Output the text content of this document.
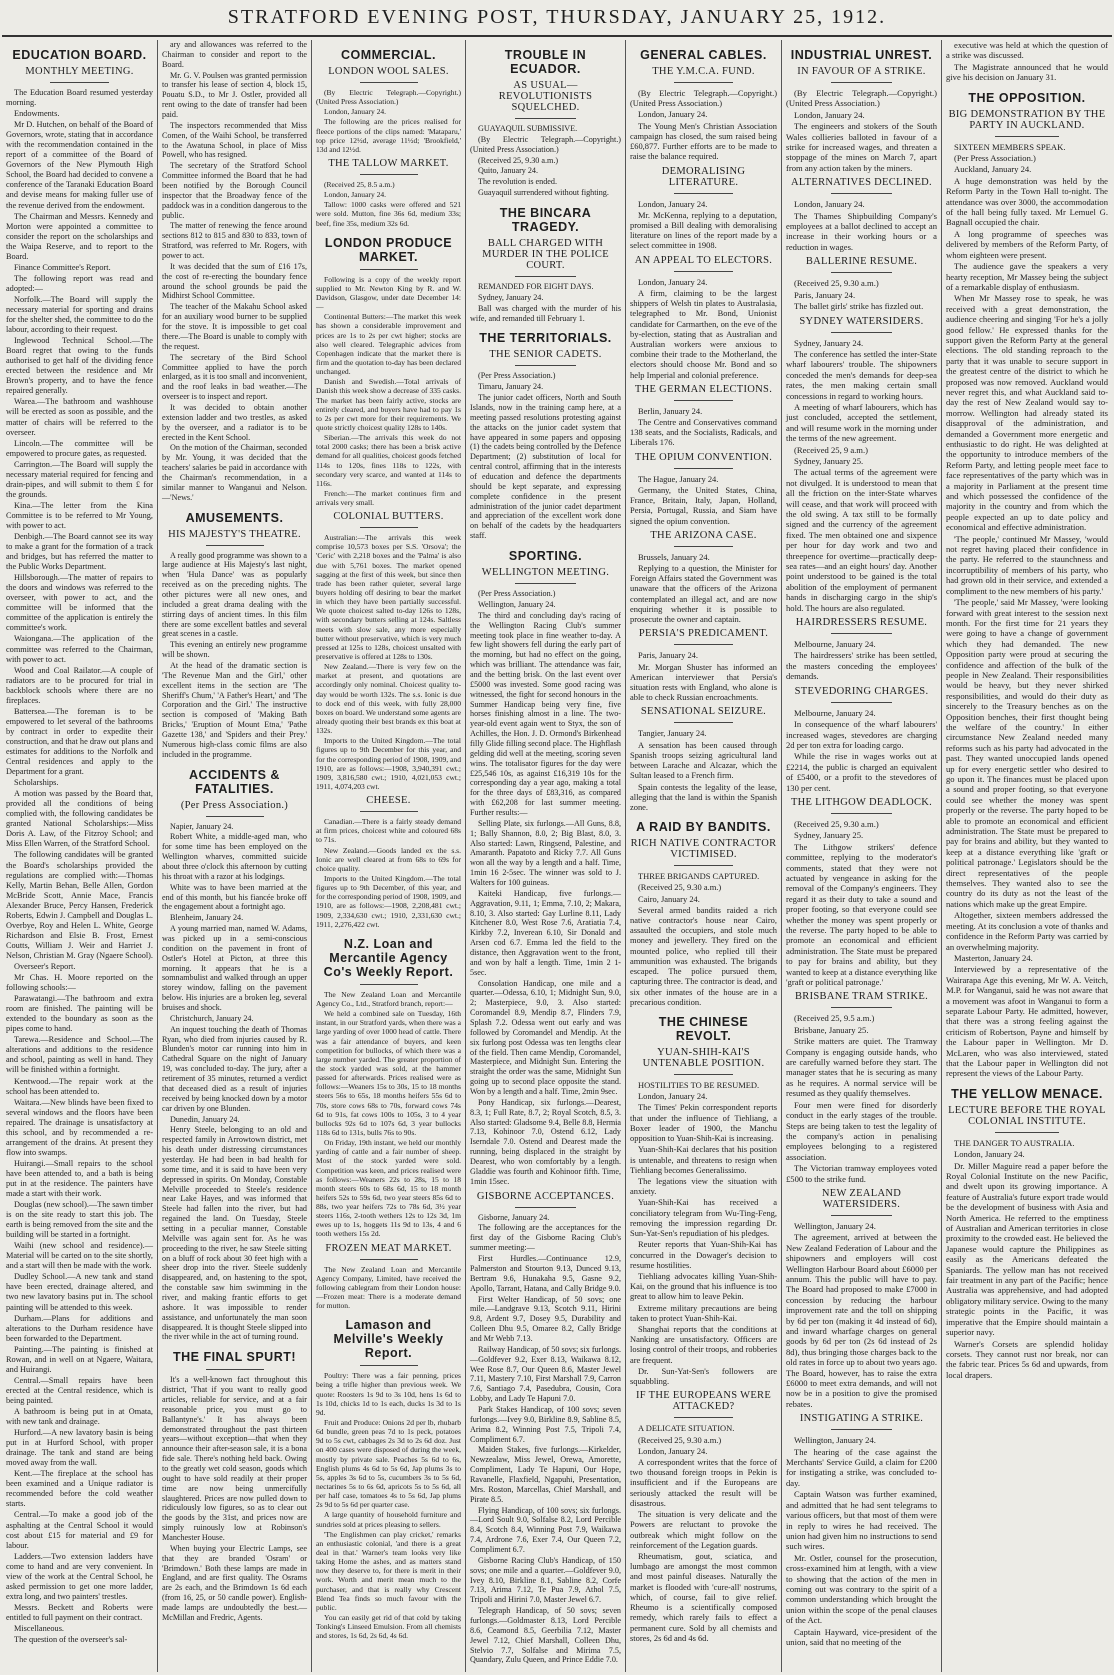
STRATFORD EVENING POST, THURSDAY, JANUARY 25, 1912.
EDUCATION BOARD.
MONTHLY MEETING.

The Education Board resumed yesterday morning.

Endowments.

Mr D. Hutchen, on behalf of the Board of Governors, wrote, stating that in accordance with the recommendation contained in the report of a committee of the Board of Governors of the New Plymouth High School, the Board had decided to convene a conference of the Taranaki Education Board and devise means for making fuller use of the revenue derived from the endowment.

The Chairman and Messrs. Kennedy and Morton were appointed a committee to consider the report on the scholarships and the Waipa Reserve, and to report to the Board.

Finance Committee's Report.

The following report was read and adopted:—

Norfolk.—The Board will supply the necessary material for sporting and drains for the shelter shed, the committee to do the labour, according to their request.

Inglewood Technical School.—The Board regret that owing to the funds authorised to get half of the dividing fence erected between the residence and Mr Brown's property, and to have the fence repaired generally.

Warea.—The bathroom and washhouse will be erected as soon as possible, and the matter of chairs will be referred to the overseer.

Lincoln.—The committee will be empowered to procure gates, as requested.

Carrington.—The Board will supply the necessary material required for fencing and drain-pipes, and will submit to them £ for the grounds.

Kina.—The letter from the Kina Committee is to be referred to Mr Young, with power to act.

Denbigh.—The Board cannot see its way to make a grant for the formation of a track and bridges, but has referred the matter to the Public Works Department.

Hillsborough.—The matter of repairs to the doors and windows was referred to the overseer, with power to act, and the committee will be informed that the committee of the application is entirely the committee's work.

Waiongana.—The application of the committee was referred to the Chairman, with power to act.

Wood and Coal Railator.—A couple of radiators are to be procured for trial in backblock schools where there are no fireplaces.

Battersea.—The foreman is to be empowered to let several of the bathrooms by contract in order to expedite their construction, and that he draw out plans and estimates for additions to the Norfolk and Central residences and apply to the Department for a grant.

Scholarships.

A motion was passed by the Board that, provided all the conditions of being complied with, the following candidates be granted National Scholarships:—Miss Doris A. Law, of the Fitzroy School; and Miss Ellen Warren, of the Stratford School.

The following candidates will be granted the Board's scholarships provided the regulations are complied with:—Thomas Kelly, Martin Behan, Belle Allen, Gordon McBride Scott, Annie Mace, Francis Alexander Bruce, Percy Hansen, Frederick Roberts, Edwin J. Campbell and Douglas L. Overbye, Roy and Helen L. White, George Richardson and Elsie B. Frost, Ernest Coutts, William J. Weir and Harriet J. Nelson, Christian M. Gray (Ngaere School).

Overseer's Report.

Mr Chas. H. Moore reported on the following schools:—

Parawatangi.—The bathroom and extra room are finished. The painting will be extended to the boundary as soon as the pipes come to hand.

Tarewa.—Residence and School.—The alterations and additions to the residence and school, painting as well in hand. They will be finished within a fortnight.

Kentwood.—The repair work at the school has been attended to.

Waitara.—New blinds have been fixed to several windows and the floors have been repaired. The drainage is unsatisfactory at this school, and by recommended a re-arrangement of the drains. At present they flow into swamps.

Huirangi.—Small repairs to the school have been attended to, and a bath is being put in at the residence. The painters have made a start with their work.

Douglas (new school).—The sawn timber is on the site ready to start this job. The earth is being removed from the site and the building will be started in a fortnight.

Waihi (new school and residence).—Material will be carted on to the site shortly, and a start will then be made with the work.

Dudley School.—A new tank and stand have been erected, drainage altered, and two new lavatory basins put in. The school painting will be attended to this week.

Durham.—Plans for additions and alterations to the Durham residence have been forwarded to the Department.

Painting.—The painting is finished at Rowan, and in well on at Ngaere, Waitara, and Huirangi.

Central.—Small repairs have been erected at the Central residence, which is being painted.

A bathroom is being put in at Omata, with new tank and drainage.

Hurford.—A new lavatory basin is being put in at Hurford School, with proper drainage. The tank and stand are being moved away from the wall.

Kent.—The fireplace at the school has been examined and a Unique radiator is recommended before the cold weather starts.

Central.—To make a good job of the asphalting at the Central School it would cost about £15 for material and £9 for labour.

Ladders.—Two extension ladders have come to hand and are very convenient. In view of the work at the Central School, he asked permission to get one more ladder, extra long, and two painters' trestles.

Messrs. Beckett and Roberts were entitled to full payment on their contract.

Miscellaneous.

The question of the overseer's sal-

ary and allowances was referred to the Chairman to consider and report to the Board.

Mr. G. V. Poulsen was granted permission to transfer his lease of section 4, block 15, Pouatu S.D., to Mr J. Ostler, provided all rent owing to the date of transfer had been paid.

The inspectors recommended that Miss Comen, of the Waihi School, be transferred to the Awatuna School, in place of Miss Powell, who has resigned.

The secretary of the Stratford School Committee informed the Board that he had been notified by the Borough Council inspector that the Broadway fence of the paddock was in a condition dangerous to the public.

The matter of renewing the fence around sections 812 to 815 and 830 to 833, town of Stratford, was referred to Mr. Rogers, with power to act.

It was decided that the sum of £16 17s, the cost of re-erecting the boundary fence around the school grounds be paid the Midhirst School Committee.

The teacher of the Makahu School asked for an auxiliary wood burner to be supplied for the stove. It is impossible to get coal there.—The Board is unable to comply with the request.

The secretary of the Bird School Committee applied to have the porch enlarged, as it is too small and inconvenient, and the roof leaks in bad weather.—The overseer is to inspect and report.

It was decided to obtain another extension ladder and two trestles, as asked by the overseer, and a radiator is to be erected in the Kent School.

On the motion of the Chairman, seconded by Mr. Young, it was decided that the teachers' salaries be paid in accordance with the Chairman's recommendation, in a similar manner to Wanganui and Nelson.—'News.'

AMUSEMENTS.
HIS MAJESTY'S THEATRE.

A really good programme was shown to a large audience at His Majesty's last night, when 'Hula Dance' was as popularly received as on the preceding nights. The other pictures were all new ones, and included a great drama dealing with the stirring days of ancient times. In this film there are some excellent battles and several great scenes in a castle.

This evening an entirely new programme will be shown.

At the head of the dramatic section is 'The Revenue Man and the Girl,' other excellent items in the section are 'The Sheriff's Chum,' 'A Father's Heart,' and 'The Corporation and the Girl.' The instructive section is composed of 'Making Bath Bricks,' 'Eruption of Mount Etna,' 'Pathe Gazette 138,' and 'Spiders and their Prey.' Numerous high-class comic films are also included in the programme.

ACCIDENTS & FATALITIES.
(Per Press Association.)

Napier, January 24.

Robert White, a middle-aged man, who for some time has been employed on the Wellington wharves, committed suicide about three o'clock this afternoon by cutting his throat with a razor at his lodgings.

White was to have been married at the end of this month, but his fiancée broke off the engagement about a fortnight ago.

Blenheim, January 24.

A young married man, named W. Adams, was picked up in a semi-conscious condition on the pavement in front of Ostler's Hotel at Picton, at three this morning. It appears that he is a somnambulist and walked through an upper storey window, falling on the pavement below. His injuries are a broken leg, several bruises and shock.

Christchurch, January 24.

An inquest touching the death of Thomas Ryan, who died from injuries caused by R. Blunden's motor car running into him in Cathedral Square on the night of January 19, was concluded to-day. The jury, after a retirement of 35 minutes, returned a verdict that deceased died as a result of injuries received by being knocked down by a motor car driven by one Blunden.

Dunedin, January 24.

Henry Steele, belonging to an old and respected family in Arrowtown district, met his death under distressing circumstances yesterday. He had been in bad health for some time, and it is said to have been very depressed in spirits. On Monday, Constable Melville proceeded to Steele's residence near Lake Hayes, and was informed that Steele had fallen into the river, but had regained the land. On Tuesday, Steele setting in a peculiar manner, Constable Melville was again sent for. As he was proceeding to the river, he saw Steele sitting on a bluff of rock about 30 feet high with a sheer drop into the river. Steele suddenly disappeared, and, on hastening to the spot, the constable saw him swimming in the river, and making frantic efforts to get ashore. It was impossible to render assistance, and unfortunately the man soon disappeared. It is thought Steele slipped into the river while in the act of turning round.

THE FINAL SPURT!

It's a well-known fact throughout this district, 'That if you want to really good articles, reliable for service, and at a fair reasonable price, you must go to Ballantyne's.' It has always been demonstrated throughout the past thirteen years—without exception—that when they announce their after-season sale, it is a bona fide sale. There's nothing held back. Owing to the greatly wet cold season, goods which ought to have sold readily at their proper time are now being unmercifully slaughtered. Prices are now pulled down to ridiculously low figures, so as to clear out the goods by the 31st, and prices now are simply ruinously low at Robinson's Manchester House.

When buying your Electric Lamps, see that they are branded 'Osram' or 'Brimdown.' Both these lamps are made in England, and are first quality. The Osrams are 2s each, and the Brimdown 1s 6d each (from 16, 25, or 50 candle power). English-made lamps are undoubtedly the best.—McMillan and Fredric, Agents.

COMMERCIAL.
LONDON WOOL SALES.

(By Electric Telegraph.—Copyright.) (United Press Association.)

London, January 24.

The following are the prices realised for fleece portions of the clips named: 'Mataparu,' top price 12½d, average 11½d; 'Brookfield,' 13d and 12½d.

THE TALLOW MARKET.

(Received 25, 8.5 a.m.)

London, January 24.

Tallow: 1000 casks were offered and 521 were sold. Mutton, fine 36s 6d, medium 33s; beef, fine 35s, medium 32s 6d.

LONDON PRODUCE MARKET.

Following is a copy of the weekly report supplied to Mr. Newton King by R. and W. Davidson, Glasgow, under date December 14:—

Continental Butters:—The market this week has shown a considerable improvement and prices are 1s to 2s per cwt higher; stocks are also well cleared. Telegraphic advices from Copenhagen indicate that the market there is firm and the quotation to-day has been declared unchanged.

Danish and Swedish.—Total arrivals of Danish this week show a decrease of 335 casks. The market has been fairly active, stocks are entirely cleared, and buyers have had to pay 1s to 2s per cwt more for their requirements. We quote strictly choicest quality 128s to 140s.

Siberian.—The arrivals this week do not total 2000 casks; there has been a brisk active demand for all qualities, choicest goods fetched 114s to 120s, fines 118s to 122s, with secondary very scarce, and wanted at 114s to 116s.

French:—The market continues firm and arrivals very small.

COLONIAL BUTTERS.

Australian:—The arrivals this week comprise 10,573 boxes per S.S. 'Orsova'; the 'Ceric' with 2,218 boxes and the 'Palma' is also due with 5,761 boxes. The market opened sagging at the first of this week, but since then trade has been rather quieter, several large buyers holding off desiring to bear the market in which they have been partially successful. We quote choicest salted to-day 126s to 128s, with secondary butters selling at 124s. Saltless meets with slow sale, any more especially butter without preservative, which is very much pressed at 125s to 128s, choicest unsalted with preservative is offered at 128s to 130s.

New Zealand.—There is very few on the market at present, and quotations are accordingly only nominal. Choicest quality to-day would be worth 132s. The s.s. Ionic is due to dock end of this week, with fully 28,000 boxes on board. We understand some agents are already quoting their best brands ex this boat at 132s.

Imports to the United Kingdom.—The total figures up to 9th December for this year, and for the corresponding period of 1908, 1909, and 1910, are as follows:—1908, 3,940,391 cwt.; 1909, 3,816,580 cwt.; 1910, 4,021,053 cwt.; 1911, 4,074,203 cwt.

CHEESE.

Canadian.—There is a fairly steady demand at firm prices, choicest white and coloured 68s to 71s.

New Zealand.—Goods landed ex the s.s. Ionic are well cleared at from 68s to 69s for choice quality.

Imports to the United Kingdom.—The total figures up to 9th December, of this year, and for the corresponding period of 1908, 1909, and 1910, are as follows:—1908, 2,208,481 cwt.; 1909, 2,334,630 cwt.; 1910, 2,331,630 cwt.; 1911, 2,276,422 cwt.

N.Z. Loan and Mercantile Agency Co's Weekly Report.

The New Zealand Loan and Mercantile Agency Co., Ltd., Stratford branch, report:—

We held a combined sale on Tuesday, 16th instant, in our Stratford yards, when there was a large yarding of over 1000 head of cattle. There was a fair attendance of buyers, and keen competition for bullocks, of which there was a large number yarded. The greater proportion of the stock yarded was sold, at the hammer passed for afterwards. Prices realised were as follows:—Weaners 15s to 30s, 15 to 18 months steers 56s to 65s, 18 months heifers 55s 6d to 70s, store cows 68s to 70s, forward cows 74s 6d to 91s, fat cows 100s to 105s, 3 to 4 year bullocks 92s 6d to 107s 6d, 3 year bullocks 118s 6d to 131s, bulls 76s to 90s.

On Friday, 19th instant, we held our monthly yarding of cattle and a fair number of sheep. Most of the stock yarded were sold. Competition was keen, and prices realised were as follows:—Weaners 22s to 28s, 15 to 18 month steers 60s to 68s 6d, 15 to 18 month heifers 52s to 59s 6d, two year steers 85s 6d to 88s, two year heifers 72s to 78s 6d, 3½ year steers 116s, 2-tooth wethers 12s to 12s 3d, 1m ewes up to 1s, hoggets 11s 9d to 13s, 4 and 6 tooth wethers 15s 2d.

FROZEN MEAT MARKET.

The New Zealand Loan and Mercantile Agency Company, Limited, have received the following cablegram from their London house:—Frozen meat: There is a moderate demand for mutton.

Lamason and Melville's Weekly Report.

Poultry: There was a fair penning, prices being a trifle higher than previous week. We quote: Roosters 1s 9d to 3s 10d, hens 1s 6d to 1s 10d, chicks 1d to 1s each, ducks 1s 3d to 1s 9d.

Fruit and Produce: Onions 2d per lb, rhubarb 6d bundle, green peas 7d to 1s peck, potatoes 9d to 5s cwt, cabbages 2s 3d to 2s 6d doz. Just on 400 cases were disposed of during the week, mostly by private sale. Peaches 5s 6d to 6s, English plums 4s 6d to 5s 6d, Jap plums 3s to 5s, apples 3s 6d to 5s, cucumbers 3s to 5s 6d, nectarines 5s to 6s 6d, apricots 5s to 5s 6d, all per half case, tomatoes 4s to 5s 6d, Jap plums 2s 9d to 5s 6d per quarter case.

A large quantity of household furniture and sundries sold at prices pleasing to sellers.

'The Englishmen can play cricket,' remarks an enthusiastic colonial, 'and there is a great deal in that.' Warner's team looks very like taking Home the ashes, and as matters stand now they deserve to, for there is merit in their work. Worth and merit mean much to the purchaser, and that is really why Crescent Blend Tea finds so much favour with the public.

You can easily get rid of that cold by taking Tonking's Linseed Emulsion. From all chemists and stores, 1s 6d, 2s 6d, 4s 6d.

TROUBLE IN ECUADOR.
AS USUAL—REVOLUTIONISTS SQUELCHED.

GUAYAQUIL SUBMISSIVE.

(By Electric Telegraph.—Copyright.) (United Press Association.)

(Received 25, 9.30 a.m.)

Quito, January 24.

The revolution is ended.

Guayaquil surrendered without fighting.

THE BINCARA TRAGEDY.
BALL CHARGED WITH MURDER IN THE POLICE COURT.

REMANDED FOR EIGHT DAYS.

Sydney, January 24.

Ball was charged with the murder of his wife, and remanded till February 1.

THE TERRITORIALS.
THE SENIOR CADETS.

(Per Press Association.)

Timaru, January 24.

The junior cadet officers, North and South Islands, now in the training camp here, at a meeting passed resolutions protesting against the attacks on the junior cadet system that have appeared in some papers and opposing (1) the cadets being controlled by the Defence Department; (2) substitution of local for central control, affirming that in the interests of education and defence the departments should be kept separate, and expressing complete confidence in the present administration of the junior cadet department and appreciation of the excellent work done on behalf of the cadets by the headquarters staff.

SPORTING.
WELLINGTON MEETING.

(Per Press Association.)

Wellington, January 24.

The third and concluding day's racing of the Wellington Racing Club's summer meeting took place in fine weather to-day. A few light showers fell during the early part of the morning, but had no effect on the going, which was brilliant. The attendance was fair, and the betting brisk. On the last event over £5000 was invested. Some good racing was witnessed, the fight for second honours in the Summer Handicap being very fine, five horses finishing almost in a line. The two-year-old event again went to Styx, the son of Achilles, the Hon. J. D. Ormond's Birkenhead filly Glide filling second place. The Highflash gelding did well at the meeting, scoring seven wins. The totalisator figures for the day were £25,546 10s, as against £16,319 10s for the corresponding day a year ago, making a total for the three days of £83,316, as compared with £62,208 for last summer meeting. Further results:—

Selling Plate, six furlongs.—All Guns, 8.8, 1; Bally Shannon, 8.0, 2; Big Blast, 8.0, 3. Also started: Lawn, Ringsend, Palestine, and Amaranth. Papatoto and Ricky 7.7. All Guns won all the way by a length and a half. Time, 1min 16 2-5sec. The winner was sold to J. Walters for 100 guineas.

Kaiteki Handicap, five furlongs.—Aggravation, 9.11, 1; Emma, 7.10, 2; Makara, 8.10, 3. Also started: Gay Lurline 8.11, Lady Kitchener 8.0, West Rose 7.6, Aratiatia 7.4, Kirkby 7.2, Inverean 6.10, Sir Donald and Arsen cod 6.7. Emma led the field to the distance, then Aggravation went to the front, and won by half a length. Time, 1min 2 1-5sec.

Consolation Handicap, one mile and a quarter.—Odessa, 6.10, 1; Midnight Sun, 9.0, 2; Masterpiece, 9.0, 3. Also started: Coromandel 8.9, Mendip 8.7, Flinders 7.9, Splash 7.2. Odessa went out early and was followed by Coromandel and Mendip. At the six furlong post Odessa was ten lengths clear of the field. Then came Mendip, Coromandel, Masterpiece, and Midnight Sun. Entering the straight the order was the same, Midnight Sun going up to second place opposite the stand. Won by a length and a half. Time, 2min 9sec.

Pony Handicap, six furlongs.—Dearest, 8.3, 1; Full Rate, 8.7, 2; Royal Scotch, 8.5, 3. Also started: Gladsome 9.4, Belle 8.8, Hermia 7.13, Kohinoor 7.0, Ostend 6.12, Lady Iserndale 7.0. Ostend and Dearest made the running, being displaced in the straight by Dearest, who won comfortably by a length. Gladdie was fourth and Kohinoor fifth. Time, 1min 15sec.

GISBORNE ACCEPTANCES.

Gisborne, January 24.

The following are the acceptances for the first day of the Gisborne Racing Club's summer meeting:—

First Hurdles.—Continuance 12.9, Palmerston and Stourton 9.13, Dunced 9.13, Bertram 9.6, Hunakaha 9.5, Gasne 9.2, Apollo, Tarrant, Hatana, and Cally Bridge 9.0.

First Welter Handicap, of 50 sovs; one mile.—Landgrave 9.13, Scotch 9.11, Hirini 9.8, Ardent 9.7, Dosey 9.5, Durability and Colleen Dhu 9.5, Omaree 8.2, Cally Bridge and Mr Webb 7.13.

Railway Handicap, of 50 sovs; six furlongs.—Goldfever 9.2, Exer 8.13, Waikawa 8.12, Wee Rose 8.7, Our Queen 8.6, Master Jewel 7.11, Mastery 7.10, First Marshall 7.9, Carron 7.6, Santiago 7.4, Pasedubra, Cousin, Cora Lobby, and Lady Te Hapuni 7.0.

Park Stakes Handicap, of 100 sovs; seven furlongs.—Ivey 9.0, Birkline 8.9, Sabline 8.5, Arima 8.2, Winning Post 7.5, Tripoli 7.4, Compliment 6.7.

Maiden Stakes, five furlongs.—Kirkelder, Newzealaw, Miss Jewel, Orewa, Amorette, Compliment, Lady Te Hapuni, Our Hope, Ravanelle, Flaxfield, Ngapuhi, Presentation, Mrs. Roston, Marcellas, Chief Marshall, and Pirate 8.5.

Flying Handicap, of 100 sovs; six furlongs.—Lord Soult 9.0, Solfalse 8.2, Lord Percible 8.4, Scotch 8.4, Winning Post 7.9, Waikawa 7.4, Ardrone 7.6, Exer 7.4, Our Queen 7.2, Compliment 6.7.

Gisborne Racing Club's Handicap, of 150 sovs; one mile and a quarter.—Goldfever 9.0, Ivey 8.10, Birkline 8.1, Sabline 8.2, Corfe 7.13, Arima 7.12, Te Pua 7.9, Athol 7.5, Tripoli and Hirini 7.0, Master Jewel 6.7.

Telegraph Handicap, of 50 sovs; seven furlongs.—Goldmaster 8.13, Lord Percible 8.6, Ceamond 8.5, Geerbilia 7.12, Master Jewel 7.12, Chief Marshall, Colleen Dhu, Stelvio 7.7, Solfalse and Mirima 7.5, Quandary, Zulu Queen, and Prince Eddie 7.0.

GENERAL CABLES.
THE Y.M.C.A. FUND.

(By Electric Telegraph.—Copyright.) (United Press Association.)

London, January 24.

The Young Men's Christian Association campaign has closed, the sum raised being £60,877. Further efforts are to be made to raise the balance required.

DEMORALISING LITERATURE.

London, January 24.

Mr. McKenna, replying to a deputation, promised a Bill dealing with demoralising literature on lines of the report made by a select committee in 1908.

AN APPEAL TO ELECTORS.

London, January 24.

A firm, claiming to be the largest shippers of Welsh tin plates to Australasia, telegraphed to Mr. Bond, Unionist candidate for Carmarthen, on the eve of the by-election, stating that as Australian and Australian workers were anxious to combine their trade to the Motherland, the electors should choose Mr. Bond and so help Imperial and colonial preference.

THE GERMAN ELECTIONS.

Berlin, January 24.

The Centre and Conservatives command 138 seats, and the Socialists, Radicals, and Liberals 176.

THE OPIUM CONVENTION.

The Hague, January 24.

Germany, the United States, China, France, Britain, Italy, Japan, Holland, Persia, Portugal, Russia, and Siam have signed the opium convention.

THE ARIZONA CASE.

Brussels, January 24.

Replying to a question, the Minister for Foreign Affairs stated the Government was unaware that the officers of the Arizona contemplated an illegal act, and are now enquiring whether it is possible to prosecute the owner and captain.

PERSIA'S PREDICAMENT.

Paris, January 24.

Mr. Morgan Shuster has informed an American interviewer that Persia's situation rests with England, who alone is able to check Russian encroachments.

SENSATIONAL SEIZURE.

Tangier, January 24.

A sensation has been caused through Spanish troops seizing agricultural land between Larache and Alcazar, which the Sultan leased to a French firm.

Spain contests the legality of the lease, alleging that the land is within the Spanish zone.

A RAID BY BANDITS.
RICH NATIVE CONTRACTOR VICTIMISED.

THREE BRIGANDS CAPTURED.

(Received 25, 9.30 a.m.)

Cairo, January 24.

Several armed bandits raided a rich native contractor's house near Cairo, assaulted the occupiers, and stole much money and jewellery. They fired on the mounted police, who replied till their ammunition was exhausted. The brigands escaped. The police pursued them, capturing three. The contractor is dead, and six other inmates of the house are in a precarious condition.

THE CHINESE REVOLT.
YUAN-SHIH-KAI'S UNTENABLE POSITION.

HOSTILITIES TO BE RESUMED.

London, January 24.

The Times' Pekin correspondent reports that under the influence of Tiehliang, a Boxer leader of 1900, the Manchu opposition to Yuan-Shih-Kai is increasing.

Yuan-Shih-Kai declares that his position is untenable, and threatens to resign when Tiehliang becomes Generalissimo.

The legations view the situation with anxiety.

Yuan-Shih-Kai has received a conciliatory telegram from Wu-Ting-Feng, removing the impression regarding Dr. Sun-Yat-Sen's repudiation of his pledges.

Reuter reports that Yuan-Shih-Kai has concurred in the Dowager's decision to resume hostilities.

Tiehliang advocates killing Yuan-Shih-Kai, on the ground that his influence is too great to allow him to leave Pekin.

Extreme military precautions are being taken to protect Yuan-Shih-Kai.

Shanghai reports that the conditions at Nanking are unsatisfactory. Officers are losing control of their troops, and robberies are frequent.

Dr. Sun-Yat-Sen's followers are squabbling.

IF THE EUROPEANS WERE ATTACKED?

A DELICATE SITUATION.

(Received 25, 9.30 a.m.)

London, January 24.

A correspondent writes that the force of two thousand foreign troops in Pekin is insufficient and if the Europeans are seriously attacked the result will be disastrous.

The situation is very delicate and the Powers are reluctant to provoke the outbreak which might follow on the reinforcement of the Legation guards.

Rheumatism, gout, sciatica, and lumbago are amongst the most common and most painful diseases. Naturally the market is flooded with 'cure-all' nostrums, which, of course, fail to give relief. Rheumo is a scientifically composed remedy, which rarely fails to effect a permanent cure. Sold by all chemists and stores, 2s 6d and 4s 6d.

INDUSTRIAL UNREST.
IN FAVOUR OF A STRIKE.

(By Electric Telegraph.—Copyright.) (United Press Association.)

London, January 24.

The engineers and stokers of the South Wales collieries balloted in favour of a strike for increased wages, and threaten a stoppage of the mines on March 7, apart from any action taken by the miners.

ALTERNATIVES DECLINED.

London, January 24.

The Thames Shipbuilding Company's employees at a ballot declined to accept an increase in their working hours or a reduction in wages.

BALLERINE RESUME.

(Received 25, 9.30 a.m.)

Paris, January 24.

The ballet girls' strike has fizzled out.

SYDNEY WATERSIDERS.

Sydney, January 24.

The conference has settled the inter-State wharf labourers' trouble. The shipowners conceded the men's demands for deep-sea rates, the men making certain small concessions in regard to working hours.

A meeting of wharf labourers, which has just concluded, accepted the settlement, and will resume work in the morning under the terms of the new agreement.

(Received 25, 9 a.m.)

Sydney, January 25.

The actual terms of the agreement were not divulged. It is understood to mean that all the friction on the inter-State wharves will cease, and that work will proceed with the old swing. A tax still to be formally signed and the currency of the agreement fixed. The men obtained one and sixpence per hour for day work and two and threepence for overtime—practically deep-sea rates—and an eight hours' day. Another point understood to be gained is the total abolition of the employment of permanent hands in discharging cargo in the ship's hold. The hours are also regulated.

HAIRDRESSERS RESUME.

Melbourne, January 24.

The hairdressers' strike has been settled, the masters conceding the employees' demands.

STEVEDORING CHARGES.

Melbourne, January 24.

In consequence of the wharf labourers' increased wages, stevedores are charging 2d per ton extra for loading cargo.

While the rise in wages works out at £2214, the public is charged an equivalent of £5400, or a profit to the stevedores of 130 per cent.

THE LITHGOW DEADLOCK.

(Received 25, 9.30 a.m.)

Sydney, January 25.

The Lithgow strikers' defence committee, replying to the moderator's comments, stated that they were not actuated by vengeance in asking for the removal of the Company's engineers. They regard it as their duty to take a sound and proper footing, so that everyone could see whether the money was spent properly or the reverse. The party hoped to be able to promote an economical and efficient administration. The State must be prepared to pay for brains and ability, but they wanted to keep at a distance everything like 'graft or political patronage.'

BRISBANE TRAM STRIKE.

(Received 25, 9.5 a.m.)

Brisbane, January 25.

Strike matters are quiet. The Tramway Company is engaging outside hands, who are carefully warned before they start. The manager states that he is securing as many as he requires. A normal service will be resumed as they qualify themselves.

Four men were fined for disorderly conduct in the early stages of the trouble. Steps are being taken to test the legality of the company's action in penalising employees belonging to a registered association.

The Victorian tramway employees voted £500 to the strike fund.

NEW ZEALAND WATERSIDERS.

Wellington, January 24.

The agreement, arrived at between the New Zealand Federation of Labour and the shipowners and employers will cost Wellington Harbour Board about £6000 per annum. This the public will have to pay. The Board had proposed to make £7000 in concession by reducing the harbour improvement rate and the toll on shipping by 6d per ton (making it 4d instead of 6d), and inward wharfage charges on general goods by 6d per ton (2s 6d instead of 2s 8d), thus bringing those charges back to the old rates in force up to about two years ago. The Board, however, has to raise the extra £6000 to meet extra demands, and will not now be in a position to give the promised rebates.

INSTIGATING A STRIKE.

Wellington, January 24.

The hearing of the case against the Merchants' Service Guild, a claim for £200 for instigating a strike, was concluded to-day.

Captain Watson was further examined, and admitted that he had sent telegrams to various officers, but that most of them were in reply to wires he had received. The union had given him no instructions to send such wires.

Mr. Ostler, counsel for the prosecution, cross-examined him at length, with a view to showing that the action of the men in coming out was contrary to the spirit of a common understanding which brought the union within the scope of the penal clauses of the Act.

Captain Hayward, vice-president of the union, said that no meeting of the

executive was held at which the question of a strike was discussed.

The Magistrate announced that he would give his decision on January 31.

THE OPPOSITION.
BIG DEMONSTRATION BY THE PARTY IN AUCKLAND.

SIXTEEN MEMBERS SPEAK.

(Per Press Association.)

Auckland, January 24.

A huge demonstration was held by the Reform Party in the Town Hall to-night. The attendance was over 3000, the accommodation of the hall being fully taxed. Mr Lemuel G. Bagnall occupied the chair.

A long programme of speeches was delivered by members of the Reform Party, of whom eighteen were present.

The audience gave the speakers a very hearty reception, Mr Massey being the subject of a remarkable display of enthusiasm.

When Mr Massey rose to speak, he was received with a great demonstration, the audience cheering and singing 'For he's a jolly good fellow.' He expressed thanks for the support given the Reform Party at the general elections. The old standing reproach to the party that it was unable to secure support in the greatest centre of the district to which he proposed was now removed. Auckland would never regret this, and what Auckland said to-day the rest of New Zealand would say to-morrow. Wellington had already stated its disapproval of the administration, and demanded a Government more energetic and enthusiastic to do right. He was delighted at the opportunity to introduce members of the Reform Party, and letting people meet face to face representatives of the party which was in a majority in Parliament at the present time and which possessed the confidence of the majority in the country and from which the people expected an up to date policy and economical and effective administration.

'The people,' continued Mr Massey, 'would not regret having placed their confidence in the party. He referred to the staunchness and incorruptibility of members of his party, who had grown old in their service, and extended a compliment to the new members of his party.'

'The people,' said Mr Massey, 'were looking forward with great interest to the session next month. For the first time for 21 years they were going to have a change of government which they had demanded. The new Opposition party were proud at securing the confidence and affection of the bulk of the people in New Zealand. Their responsibilities would be heavy, but they never shirked responsibilities, and would do their duty as sincerely to the Treasury benches as on the Opposition benches, their first thought being the welfare of the country.' In either circumstance New Zealand needed many reforms such as his party had advocated in the past. They wanted unoccupied lands opened up for every energetic settler who desired to go upon it. The finances must be placed upon a sound and proper footing, so that everyone could see whether the money was spent properly or the reverse. The party hoped to be able to promote an economical and efficient administration. The State must be prepared to pay for brains and ability, but they wanted to keep at a distance everything like 'graft or political patronage.' Legislators should be the direct representatives of the people themselves. They wanted also to see the country do its duty as not the least of the nations which make up the great Empire.

Altogether, sixteen members addressed the meeting. At its conclusion a vote of thanks and confidence in the Reform Party was carried by an overwhelming majority.

Masterton, January 24.

Interviewed by a representative of the Wairarapa Age this evening, Mr W. A. Veitch, M.P. for Wanganui, said he was not aware that a movement was afoot in Wanganui to form a separate Labour Party. He admitted, however, that there was a strong feeling against the criticism of Robertson, Payne and himself by the Labour paper in Wellington. Mr D. McLaren, who was also interviewed, stated that the Labour paper in Wellington did not represent the views of the Labour Party.

THE YELLOW MENACE.
LECTURE BEFORE THE ROYAL COLONIAL INSTITUTE.

THE DANGER TO AUSTRALIA.

London, January 24.

Dr. Miller Maguire read a paper before the Royal Colonial Institute on the new Pacific, and dwelt upon its growing importance. A feature of Australia's future export trade would be the development of business with Asia and North America. He referred to the emptiness of Australian and American territories in close proximity to the crowded east. He believed the Japanese would capture the Philippines as easily as the Americans defeated the Spaniards. The yellow man has not received fair treatment in any part of the Pacific; hence Australia was apprehensive, and had adopted obligatory military service. Owing to the many strategic points in the Pacific, it was imperative that the Empire should maintain a superior navy.

Warner's Corsets are splendid holiday corsets. They cannot rust nor break, nor can the fabric tear. Prices 5s 6d and upwards, from local drapers.
